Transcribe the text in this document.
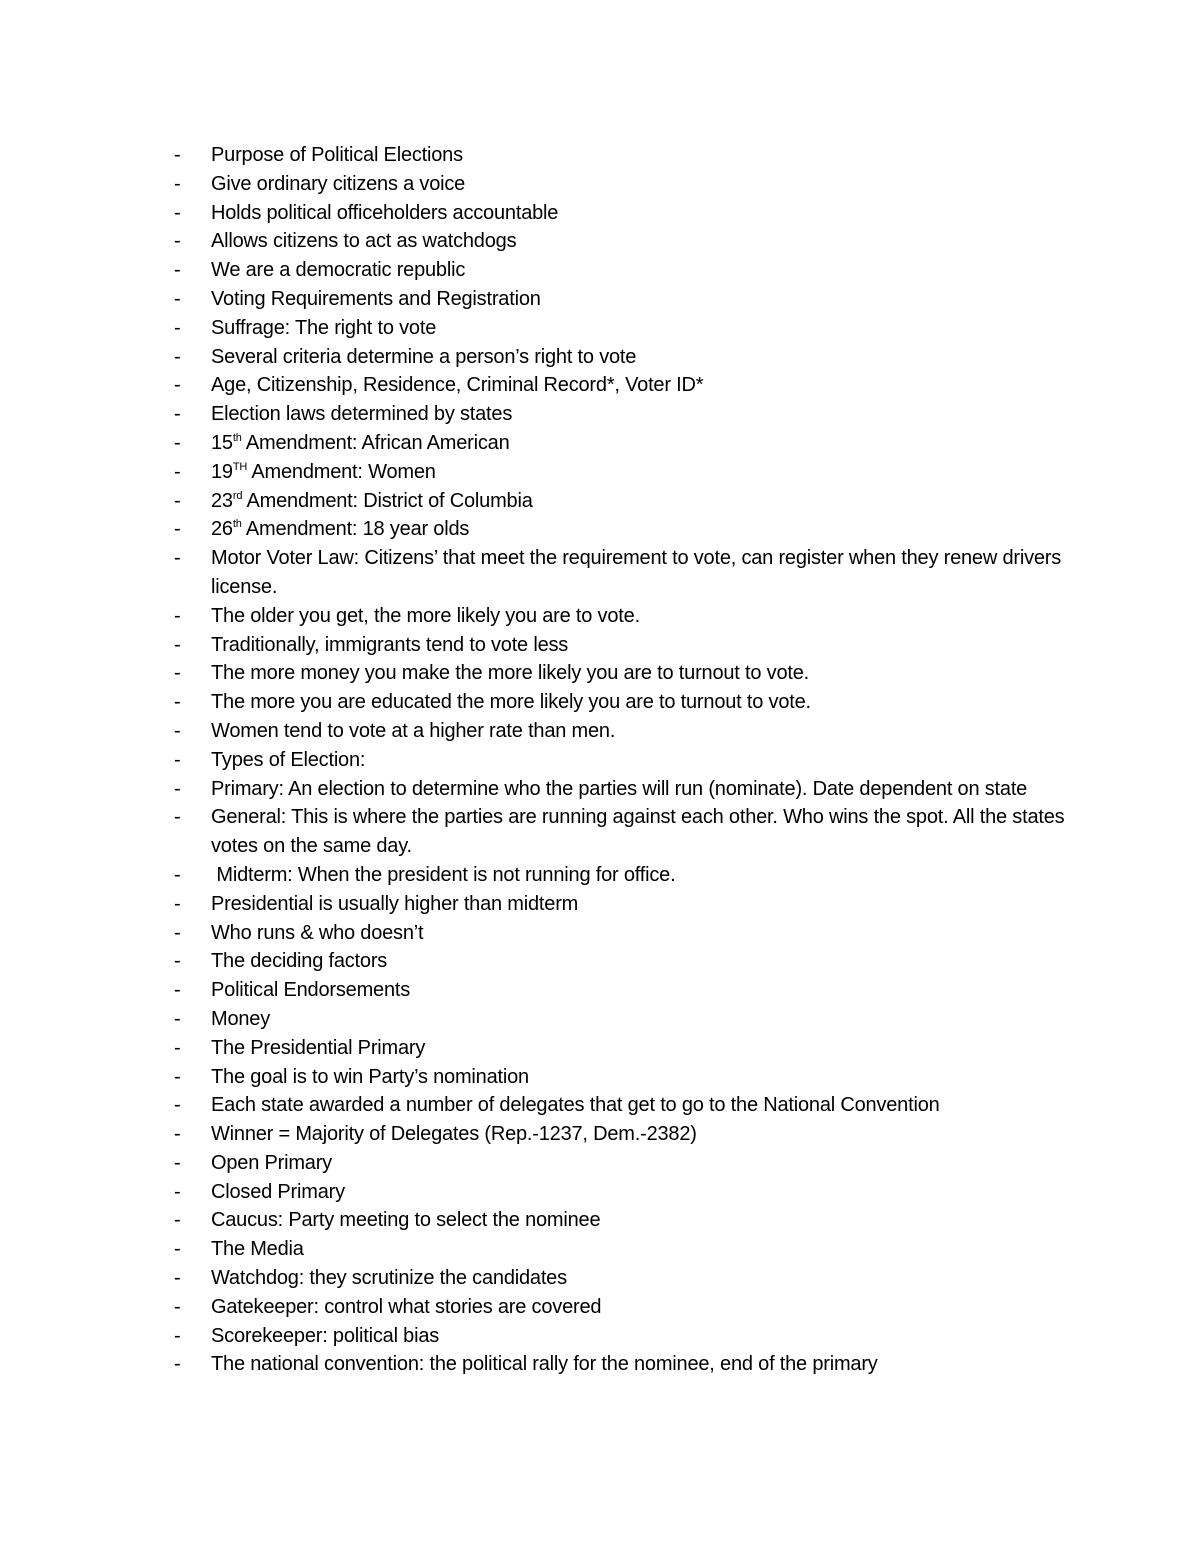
-	Purpose of Political Elections
-	Give ordinary citizens a voice
-	Holds political officeholders accountable
-	Allows citizens to act as watchdogs
-	We are a democratic republic
-	Voting Requirements and Registration
-	Suffrage: The right to vote
-	Several criteria determine a person’s right to vote
-	Age, Citizenship, Residence, Criminal Record*, Voter ID*
-	Election laws determined by states
-	15th Amendment: African American
-	19TH Amendment: Women
-	23rd Amendment: District of Columbia
-	26th Amendment: 18 year olds
-	Motor Voter Law: Citizens’ that meet the requirement to vote, can register when they renew drivers license.
-	The older you get, the more likely you are to vote.
-	Traditionally, immigrants tend to vote less
-	The more money you make the more likely you are to turnout to vote.
-	The more you are educated the more likely you are to turnout to vote.
-	Women tend to vote at a higher rate than men.
-	Types of Election:
-	Primary: An election to determine who the parties will run (nominate). Date dependent on state
-	General: This is where the parties are running against each other. Who wins the spot. All the states votes on the same day.
-	Midterm: When the president is not running for office.
-	Presidential is usually higher than midterm
-	Who runs & who doesn’t
-	The deciding factors
-	Political Endorsements
-	Money
-	The Presidential Primary
-	The goal is to win Party’s nomination
-	Each state awarded a number of delegates that get to go to the National Convention
-	Winner = Majority of Delegates (Rep.-1237, Dem.-2382)
-	Open Primary
-	Closed Primary
-	Caucus: Party meeting to select the nominee
-	The Media
-	Watchdog: they scrutinize the candidates
-	Gatekeeper: control what stories are covered
-	Scorekeeper: political bias
-	The national convention: the political rally for the nominee, end of the primary
